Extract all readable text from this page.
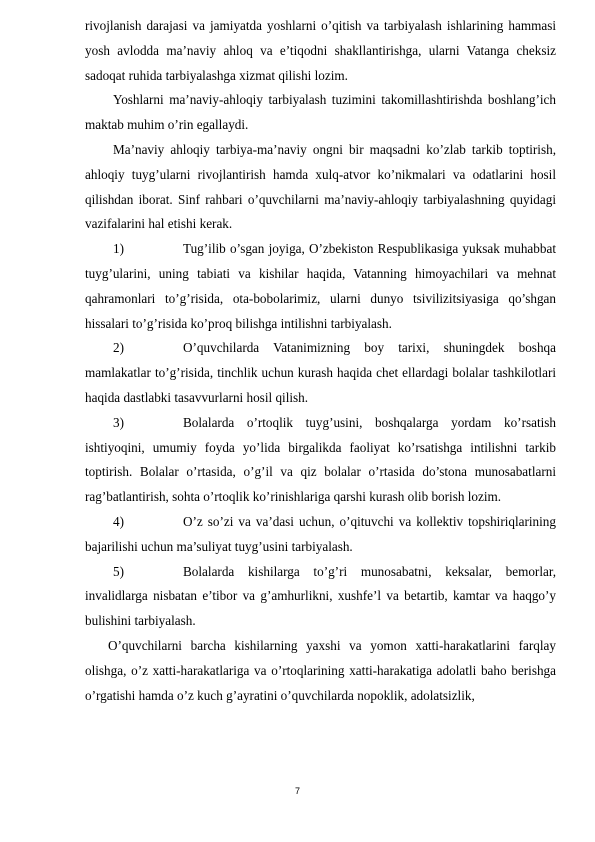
rivojlanish darajasi va jamiyatda yoshlarni o’qitish va tarbiyalash ishlarining hammasi yosh avlodda ma’naviy ahloq va e’tiqodni shakllantirishga, ularni Vatanga cheksiz sadoqat ruhida tarbiyalashga xizmat qilishi lozim.

Yoshlarni ma’naviy-ahloqiy tarbiyalash tuzimini takomillashtirishda boshlang’ich maktab muhim o’rin egallaydi.

Ma’naviy ahloqiy tarbiya-ma’naviy ongni bir maqsadni ko’zlab tarkib toptirish, ahloqiy tuyg’ularni rivojlantirish hamda xulq-atvor ko’nikmalari va odatlarini hosil qilishdan iborat. Sinf rahbari o’quvchilarni ma’naviy-ahloqiy tarbiyalashning quyidagi vazifalarini hal etishi kerak.

1)	Tug’ilib o’sgan joyiga, O’zbekiston Respublikasiga yuksak muhabbat tuyg’ularini, uning tabiati va kishilar haqida, Vatanning himoyachilari va mehnat qahramonlari to’g’risida, ota-bobolarimiz, ularni dunyo tsivilizitsiyasiga qo’shgan hissalari to’g’risida ko’proq bilishga intilishni tarbiyalash.

2)	O’quvchilarda Vatanimizning boy tarixi, shuningdek boshqa mamlakatlar to’g’risida, tinchlik uchun kurash haqida chet ellardagi bolalar tashkilotlari haqida dastlabki tasavvurlarni hosil qilish.

3)	Bolalarda o’rtoqlik tuyg’usini, boshqalarga yordam ko’rsatish ishtiyoqini, umumiy foyda yo’lida birgalikda faoliyat ko’rsatishga intilishni tarkib toptirish. Bolalar o’rtasida, o’g’il va qiz bolalar o’rtasida do’stona munosabatlarni rag’batlantirish, sohta o’rtoqlik ko’rinishlariga qarshi kurash olib borish lozim.

4)	O’z so’zi va va’dasi uchun, o’qituvchi va kollektiv topshiriqlarining bajarilishi uchun ma’suliyat tuyg’usini tarbiyalash.

5)	Bolalarda kishilarga to’g’ri munosabatni, keksalar, bemorlar, invalidlarga nisbatan e’tibor va g’amhurlikni, xushfe’l va betartib, kamtar va haqgo’y bulishini tarbiyalash.

O’quvchilarni barcha kishilarning yaxshi va yomon xatti-harakatlarini farqlay olishga, o’z xatti-harakatlariga va o’rtoqlarining xatti-harakatiga adolatli baho berishga o’rgatishi hamda o’z kuch g’ayratini o’quvchilarda nopoklik, adolatsizlik,

7
